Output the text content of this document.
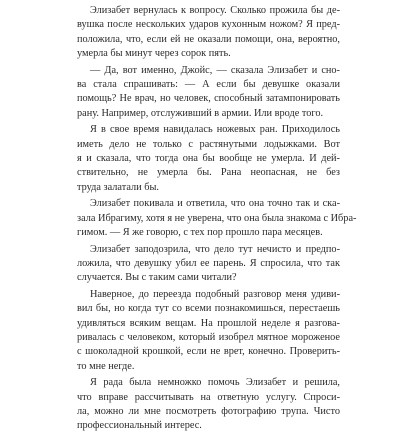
Элизабет вернулась к вопросу. Сколько прожила бы де-
вушка после нескольких ударов кухонным ножом? Я пред-
положила, что, если ей не оказали помощи, она, вероятно,
умерла бы минут через сорок пять.

— Да, вот именно, Джойс, — сказала Элизабет и сно-
ва стала спрашивать: — А если бы девушке оказали
помощь? Не врач, но человек, способный затампонировать
рану. Например, отслуживший в армии. Или вроде того.

Я в свое время навидалась ножевых ран. Приходилось
иметь дело не только с растянутыми лодыжками. Вот
я и сказала, что тогда она бы вообще не умерла. И дей-
ствительно, не умерла бы. Рана неопасная, не без
труда залатали бы.

Элизабет покивала и ответила, что она точно так и ска-
зала Ибрагиму, хотя я не уверена, что она была знакома с Ибра-
гимом. — Я же говорю, с тех пор прошло пара месяцев.

Элизабет заподозрила, что дело тут нечисто и предпо-
ложила, что девушку убил ее парень. Я спросила, что так
случается. Вы с таким сами читали?

Наверное, до переезда подобный разговор меня удиви-
вил бы, но когда тут со всеми познакомишься, перестаешь
удивляться всяким вещам. На прошлой неделе я разгова-
ривалась с человеком, который изобрел мятное мороженое
с шоколадной крошкой, если не врет, конечно. Проверить-
то мне негде.

Я рада была немножко помочь Элизабет и решила,
что вправе рассчитывать на ответную услугу. Спроси-
ла, можно ли мне посмотреть фотографию трупа. Чисто
профессиональный интерес.
